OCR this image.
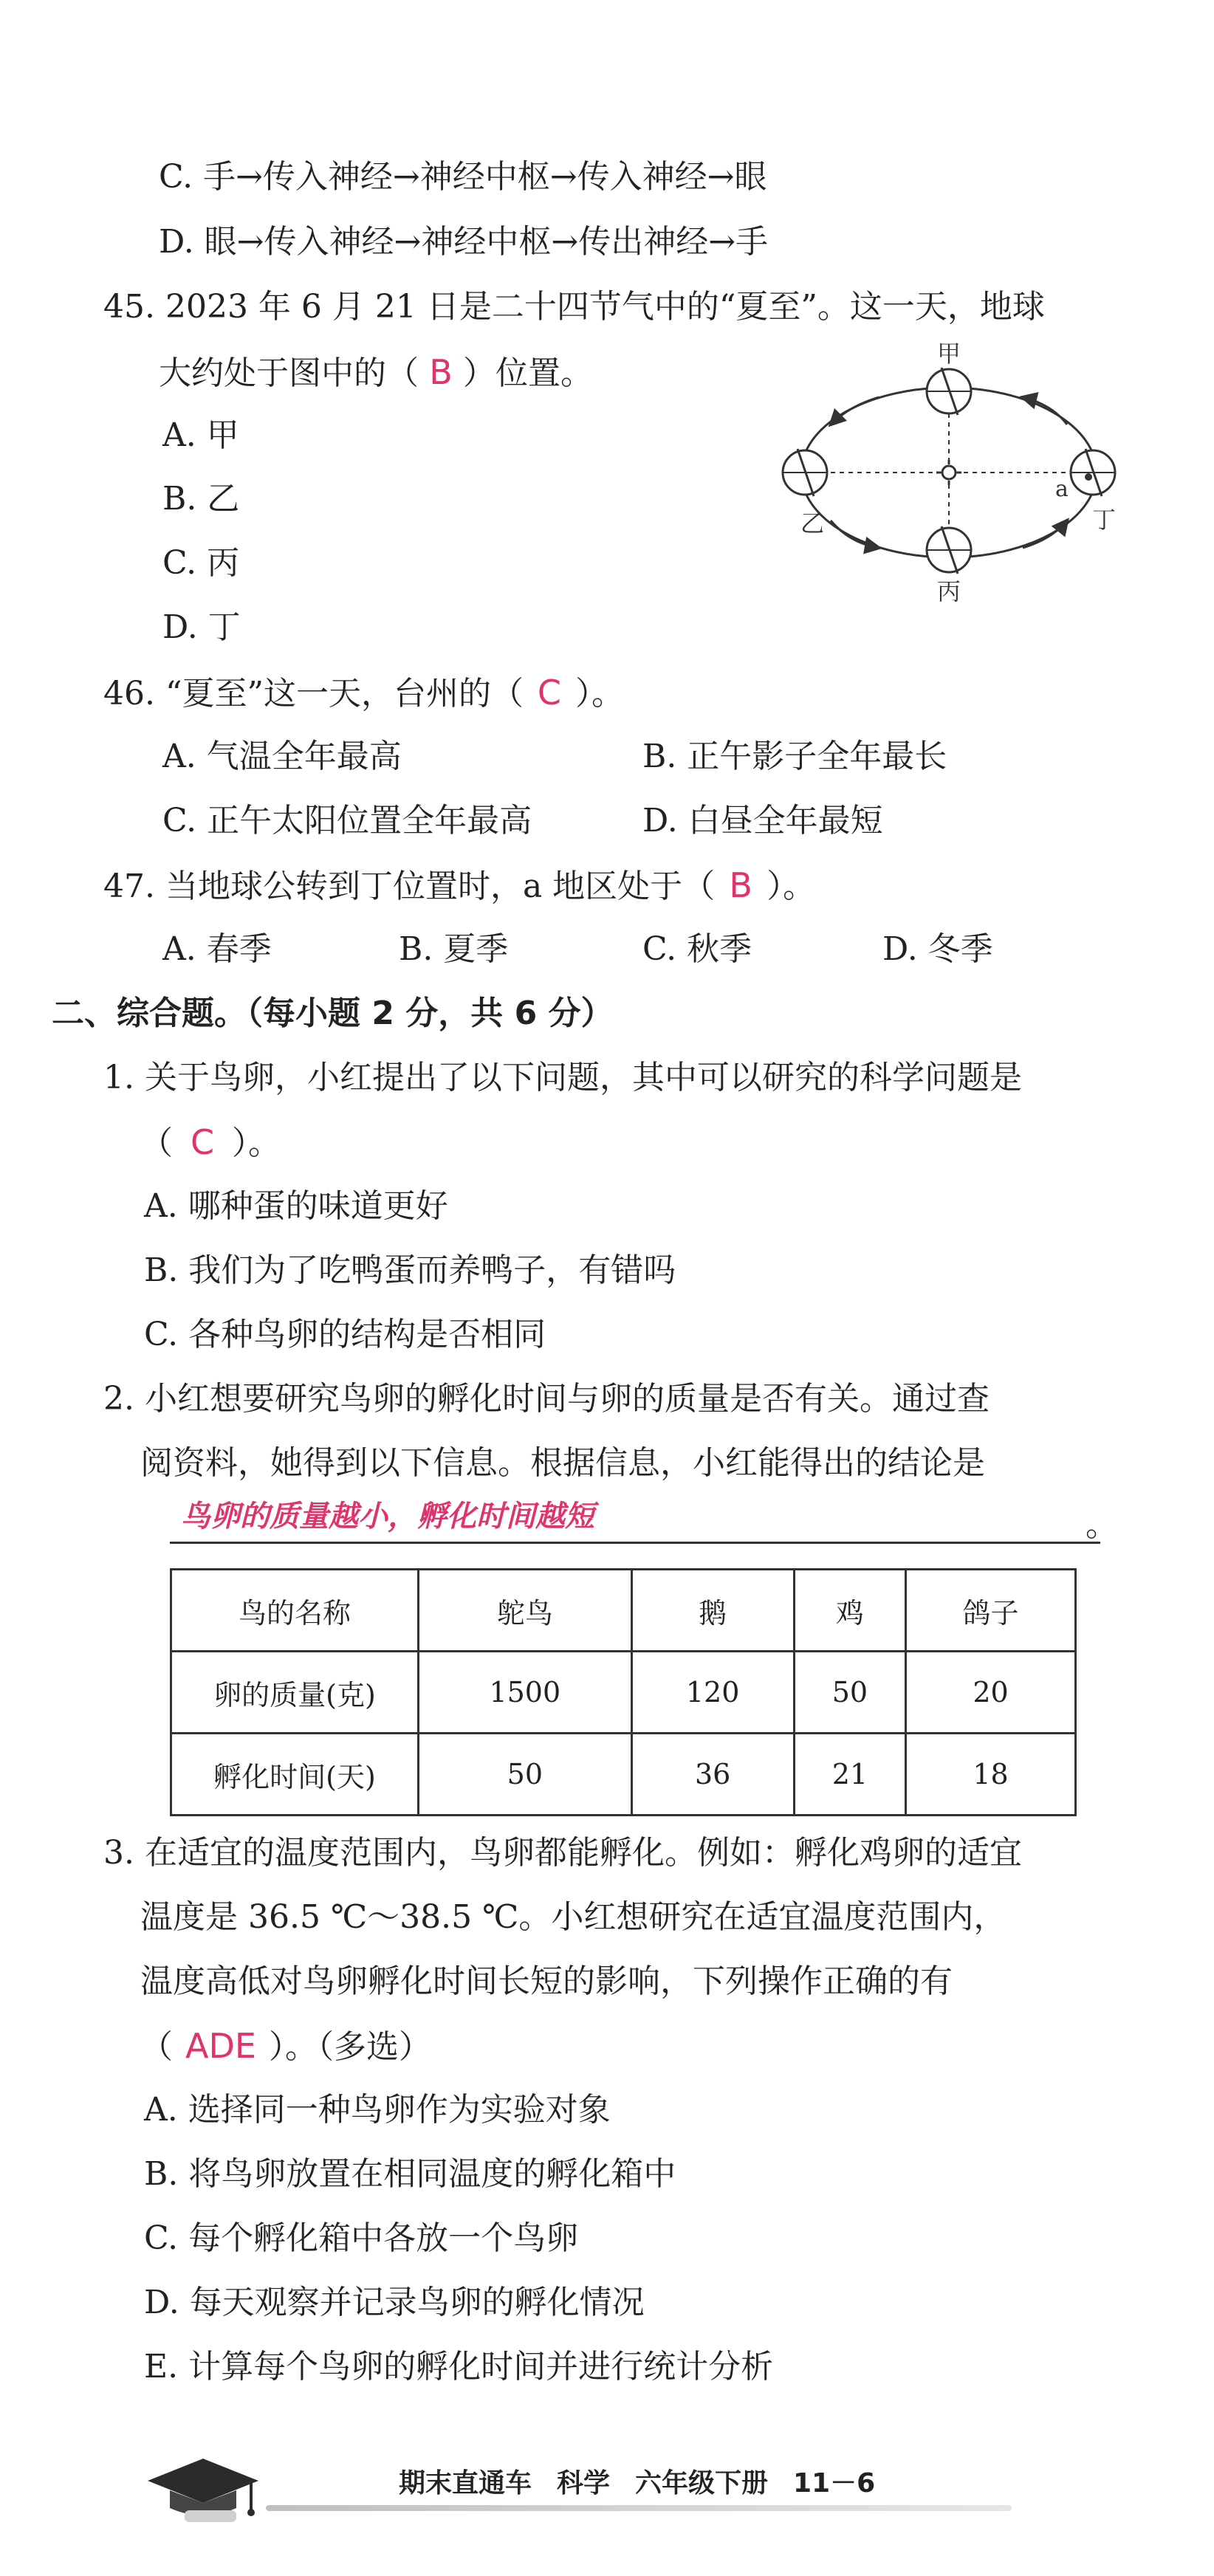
C. 手→传入神经→神经中枢→传入神经→眼
D. 眼→传入神经→神经中枢→传出神经→手
45. 2023 年 6 月 21 日是二十四节气中的“夏至”。这一天，地球
大约处于图中的（ B ）位置。
A. 甲
B. 乙
C. 丙
D. 丁
甲
乙
丙
丁
a
46. “夏至”这一天，台州的（ C ）。
A. 气温全年最高	B. 正午影子全年最长
C. 正午太阳位置全年最高	D. 白昼全年最短
47. 当地球公转到丁位置时，a 地区处于（ B ）。
A. 春季	B. 夏季	C. 秋季	D. 冬季
二、综合题。（每小题 2 分，共 6 分）
1. 关于鸟卵，小红提出了以下问题，其中可以研究的科学问题是
（ C ）。
A. 哪种蛋的味道更好
B. 我们为了吃鸭蛋而养鸭子，有错吗
C. 各种鸟卵的结构是否相同
2. 小红想要研究鸟卵的孵化时间与卵的质量是否有关。通过查
阅资料，她得到以下信息。根据信息，小红能得出的结论是
鸟卵的质量越小，孵化时间越短	。
鸟的名称	鸵鸟	鹅	鸡	鸽子
卵的质量(克)	1500	120	50	20
孵化时间(天)	50	36	21	18
3. 在适宜的温度范围内，鸟卵都能孵化。例如：孵化鸡卵的适宜
温度是 36.5 ℃～38.5 ℃。小红想研究在适宜温度范围内，
温度高低对鸟卵孵化时间长短的影响，下列操作正确的有
（ ADE ）。（多选）
A. 选择同一种鸟卵作为实验对象
B. 将鸟卵放置在相同温度的孵化箱中
C. 每个孵化箱中各放一个鸟卵
D. 每天观察并记录鸟卵的孵化情况
E. 计算每个鸟卵的孵化时间并进行统计分析
期末直通车 科学 六年级下册 11－6
